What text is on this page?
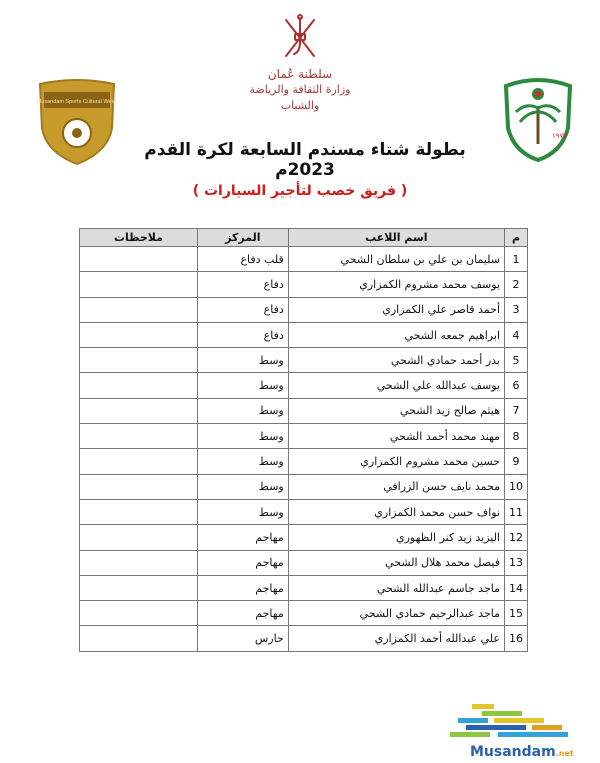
سلطنة عُمان
وزارة الثقافة والرياضة والشباب
Musandam Sports Cultural Week
١٩٧٢
بطولة شتاء مسندم السابعة لكرة القدم 2023م
( فريق خصب لتأجير السيارات )
م	اسم اللاعب	المركز	ملاحظات
1	سليمان بن علي بن سلطان الشحي	قلب دفاع	
2	يوسف محمد مشروم الكمزاري	دفاع	
3	أحمد قاصر علي الكمزاري	دفاع	
4	ابراهيم جمعه الشحي	دفاع	
5	بدر أحمد حمادي الشحي	وسط	
6	يوسف عبدالله علي الشحي	وسط	
7	هيثم صالح زيد الشحي	وسط	
8	مهند محمد أحمد الشحي	وسط	
9	حسين محمد مشروم الكمزاري	وسط	
10	محمد نايف حسن الزرافي	وسط	
11	نواف حسن محمد الكمزاري	وسط	
12	اليزيد زيد كنر الظهوري	مهاجم	
13	فيصل محمد هلال الشحي	مهاجم	
14	ماجد جاسم عبدالله الشحي	مهاجم	
15	ماجد عبدالرحيم حمادي الشحي	مهاجم	
16	علي عبدالله أحمد الكمزاري	حارس	
Musandam.net
